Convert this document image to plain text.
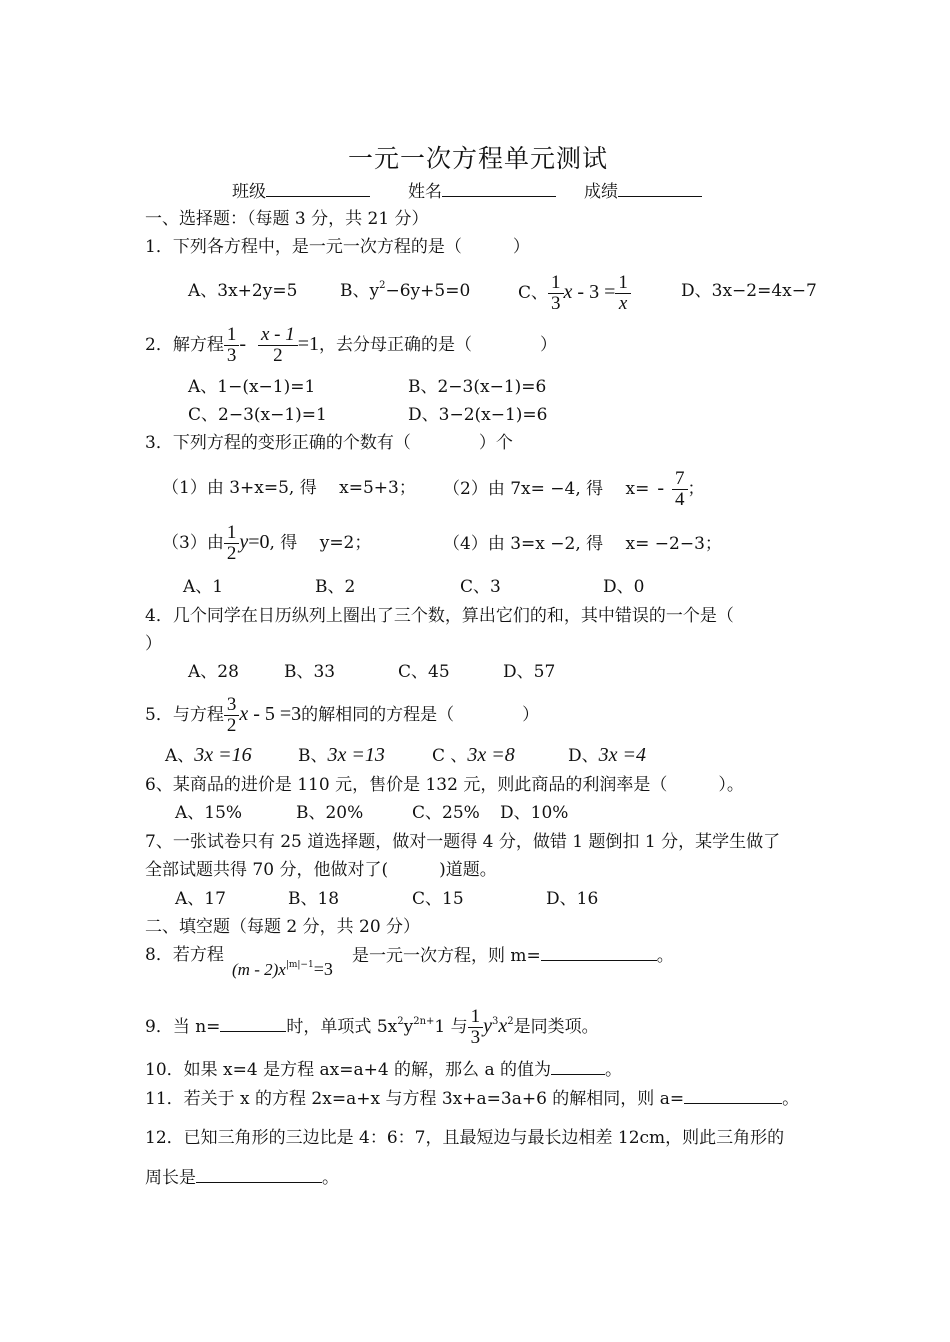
一元一次方程单元测试
班级	姓名	成绩
一、选择题：（每题 3 分，共 21 分）
1．下列各方程中，是一元一次方程的是（　　　）
A、3x+2y=5	B、$y^2-6y+5=0$	C、 $\frac{1}{3}$ $x - 3 = \frac{1}{x}$	D、3x−2=4x−7
2．解方程 $\frac{1}{3} - \frac{x - 1}{2} =1$，去分母正确的是（　　　　）
A、1−(x−1)=1	B、2−3(x−1)=6
C、2−3(x−1)=1	D、3−2(x−1)=6
3．下列方程的变形正确的个数有（　　　　）个
（1）由 3+x=5, 得　 x=5+3； （2）由 7x= −4, 得　 $x= - \frac{7}{4}$ ；
（3）由 $\frac{1}{2} y=0$, 得　 y=2；	（4）由 3=x −2, 得　 x= −2−3；
A、1	B、2	C、3	D、0
4．几个同学在日历纵列上圈出了三个数，算出它们的和，其中错误的一个是（
）
A、28	B、33	C、45	D、57
5．与方程 $\frac{3}{2}$ x - 5 =3的解相同的方程是（　　　　）
A、3x =16	B、3x =13	C 、3x =8	D、3x =4
6、某商品的进价是 110 元，售价是 132 元，则此商品的利润率是（　　　）。
A、15%	B、20%	C、25% D、10%
7、一张试卷只有 25 道选择题，做对一题得 4 分，做错 1 题倒扣 1 分，某学生做了
全部试题共得 70 分，他做对了(　　　)道题。
A、17	B、18	C、15	D、16
二、填空题（每题 2 分，共 20 分）
8．若方程
$(m - 2)x^{|m|-1}=3$
是一元一次方程，则 m=	。
9．当 n=	时，单项式 $5x^2y^{2n+}1$ 与 $\frac{1}{3} y^3x^2$是同类项。
10．如果 x=4 是方程 ax=a+4 的解，那么 a 的值为	。
11．若关于 x 的方程 2x=a+x 与方程 3x+a=3a+6 的解相同，则 a=	。
12．已知三角形的三边比是 4：6：7，且最短边与最长边相差 12cm，则此三角形的
周长是	。
